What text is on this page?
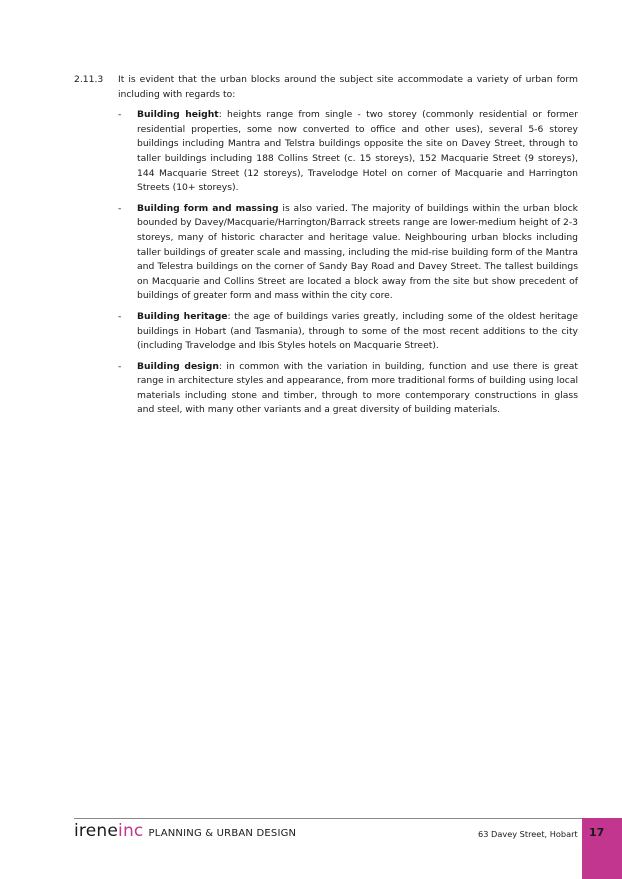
2.11.3	It is evident that the urban blocks around the subject site accommodate a variety of urban form including with regards to:
- Building height: heights range from single - two storey (commonly residential or former residential properties, some now converted to office and other uses), several 5-6 storey buildings including Mantra and Telstra buildings opposite the site on Davey Street, through to taller buildings including 188 Collins Street (c. 15 storeys), 152 Macquarie Street (9 storeys), 144 Macquarie Street (12 storeys), Travelodge Hotel on corner of Macquarie and Harrington Streets (10+ storeys).
- Building form and massing is also varied. The majority of buildings within the urban block bounded by Davey/Macquarie/Harrington/Barrack streets range are lower-medium height of 2-3 storeys, many of historic character and heritage value. Neighbouring urban blocks including taller buildings of greater scale and massing, including the mid-rise building form of the Mantra and Telestra buildings on the corner of Sandy Bay Road and Davey Street. The tallest buildings on Macquarie and Collins Street are located a block away from the site but show precedent of buildings of greater form and mass within the city core.
- Building heritage: the age of buildings varies greatly, including some of the oldest heritage buildings in Hobart (and Tasmania), through to some of the most recent additions to the city (including Travelodge and Ibis Styles hotels on Macquarie Street).
- Building design: in common with the variation in building, function and use there is great range in architecture styles and appearance, from more traditional forms of building using local materials including stone and timber, through to more contemporary constructions in glass and steel, with many other variants and a great diversity of building materials.
ireneinc PLANNING & URBAN DESIGN	63 Davey Street, Hobart 17
